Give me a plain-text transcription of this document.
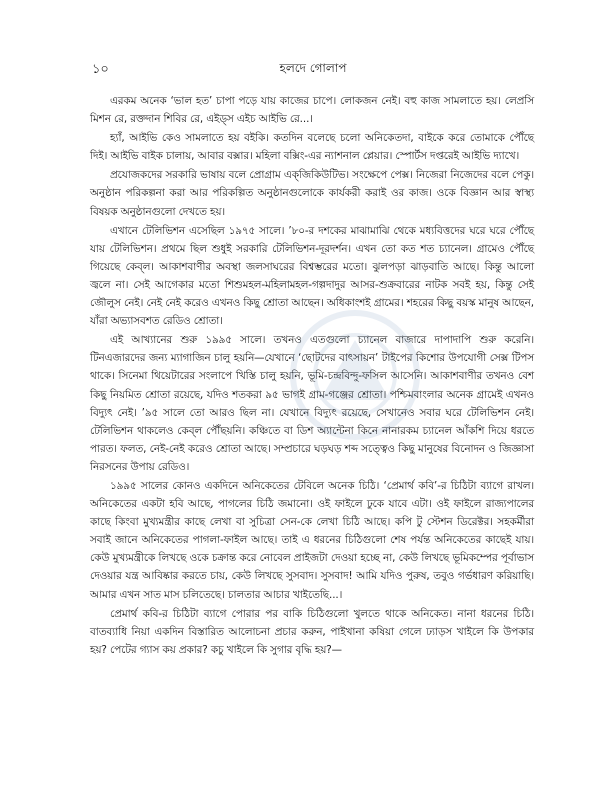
১০	হলদে গোলাপ

এরকম অনেক ‘ভাল হত’ চাপা পড়ে যায় কাজের চাপে। লোকজন নেই। বহু কাজ সামলাতে হয়। লেপ্রসি মিশন রে, রক্তদান শিবির রে, এইড্স এইচ আইভি রে...।

হ্যাঁ, আইভি কেও সামলাতে হয় বইকি। কতদিন বলেছে চলো অনিকেতদা, বাইকে করে তোমাকে পৌঁছে দিই। আইভি বাইক চালায়, আবার বক্সার। মহিলা বক্সিং-এর ন্যাশনাল প্লেয়ার। স্পোর্টস দপ্তরেই আইভি দ্যাখে।

প্রযোজকদের সরকারি ভাষায় বলে প্রোগ্রাম এক্‌জিকিউটিভ। সংক্ষেপে পেক্স। নিজেরা নিজেদের বলে পেকু। অনুষ্ঠান পরিকল্পনা করা আর পরিকল্পিত অনুষ্ঠানগুলোকে কার্যকরী করাই ওর কাজ। ওকে বিজ্ঞান আর স্বাস্থ্য বিষয়ক অনুষ্ঠানগুলো দেখতে হয়।

এখানে টেলিভিশন এসেছিল ১৯৭৫ সালে। ’৮০-র দশকের মাঝামাঝি থেকে মধ্যবিত্তদের ঘরে ঘরে পৌঁছে যায় টেলিভিশন। প্রথমে ছিল শুধুই সরকারি টেলিভিশন-দূরদর্শন। এখন তো কত শত চ্যানেল। গ্রামেও পৌঁছে গিয়েছে কেব্‌ল। আকাশবাণীর অবস্থা জলসাঘরের বিশ্বম্ভরের মতো। ঝুলপড়া ঝাড়বাতি আছে। কিন্তু আলো জ্বলে না। সেই আগেকার মতো শিশুমহল-মহিলামহল-গল্পদাদুর আসর-শুক্রবারের নাটক সবই হয়, কিন্তু সেই জৌলুস নেই। নেই নেই করেও এখনও কিছু শ্রোতা আছেন। অধিকাংশই গ্রামের। শহরের কিছু বয়স্ক মানুষ আছেন, যাঁরা অভ্যাসবশত রেডিও শ্রোতা।

এই আখ্যানের শুরু ১৯৯৫ সালে। তখনও এতগুলো চ্যানেল বাজারে দাপাদাপি শুরু করেনি। টিনএজারদের জন্য ম্যাগাজিন চালু হয়নি—যেখানে ‘ছোটদের বাৎসায়ন’ টাইপের কিশোর উপযোগী সেক্স টিপস থাকে। সিনেমা থিয়েটারের সংলাপে খিস্তি চালু হয়নি, ভূমি-চন্দ্রবিন্দু-ফসিল আসেনি। আকাশবাণীর তখনও বেশ কিছু নিয়মিত শ্রোতা রয়েছে, যদিও শতকরা ৯৫ ভাগই গ্রাম-গঞ্জের শ্রোতা। পশ্চিমবাংলার অনেক গ্রামেই এখনও বিদ্যুৎ নেই। ’৯৫ সালে তো আরও ছিল না। যেখানে বিদ্যুৎ রয়েছে, সেখানেও সবার ঘরে টেলিভিশন নেই। টেলিভিশন থাকলেও কেব্‌ল পৌঁছয়নি। কঞ্চিতে বা ডিশ অ্যান্টেনা কিনে নানারকম চ্যানেল আঁকশি দিয়ে ধরতে পারত। ফলত, নেই-নেই করেও শ্রোতা আছে। সম্প্রচারে ঘড়ঘড় শব্দ সত্ত্বেও কিছু মানুষের বিনোদন ও জিজ্ঞাসা নিরসনের উপায় রেডিও।

১৯৯৫ সালের কোনও একদিনে অনিকেতের টেবিলে অনেক চিঠি। ‘প্রেমার্থ কবি’-র চিঠিটা ব্যাগে রাখল। অনিকেতের একটা হবি আছে, পাগলের চিঠি জমানো। ওই ফাইলে ঢুকে যাবে এটা। ওই ফাইলে রাজ্যপালের কাছে কিংবা মুখ্যমন্ত্রীর কাছে লেখা বা সুচিত্রা সেন-কে লেখা চিঠি আছে। কপি টু স্টেশন ডিরেক্টর। সহকর্মীরা সবাই জানে অনিকেতের পাগলা-ফাইল আছে। তাই এ ধরনের চিঠিগুলো শেষ পর্যন্ত অনিকেতের কাছেই যায়। কেউ মুখ্যমন্ত্রীকে লিখছে ওকে চক্রান্ত করে নোবেল প্রাইজটা দেওয়া হচ্ছে না, কেউ লিখছে ভূমিকম্পের পূর্বাভাস দেওয়ার যন্ত্র আবিষ্কার করতে চায়, কেউ লিখছে সুসবাদ। সুসবাদ! আমি যদিও পুরুষ, তবুও গর্ভধারণ করিয়াছি। আমার এখন সাত মাস চলিতেছে। চালতার আচার খাইতেছি...।

প্রেমার্থ কবি-র চিঠিটা ব্যাগে পোরার পর বাকি চিঠিগুলো খুলতে থাকে অনিকেত। নানা ধরনের চিঠি। বাতব্যাধি নিয়া একদিন বিস্তারিত আলোচনা প্রচার করুন, পাইখানা কষিয়া গেলে ঢ্যাড়স খাইলে কি উপকার হয়? পেটের গ্যাস কয় প্রকার? কচু খাইলে কি সুগার বৃদ্ধি হয়?—
